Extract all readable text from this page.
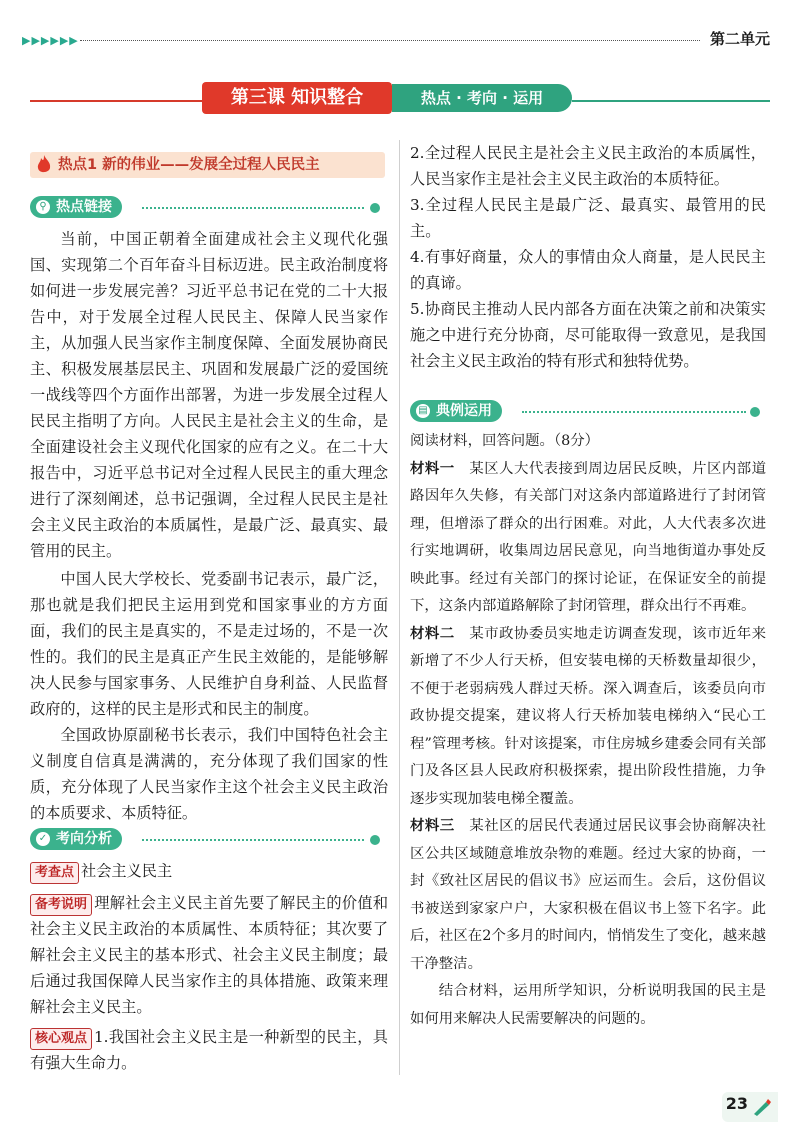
▶▶▶▶▶▶	第二单元
第三课 知识整合	热点 · 考向 · 运用
热点1 新的伟业——发展全过程人民民主
热点链接
⚲
当前，中国正朝着全面建成社会主义现代化强国、实现第二个百年奋斗目标迈进。民主政治制度将如何进一步发展完善？习近平总书记在党的二十大报告中，对于发展全过程人民民主、保障人民当家作主，从加强人民当家作主制度保障、全面发展协商民主、积极发展基层民主、巩固和发展最广泛的爱国统一战线等四个方面作出部署，为进一步发展全过程人民民主指明了方向。人民民主是社会主义的生命，是全面建设社会主义现代化国家的应有之义。在二十大报告中，习近平总书记对全过程人民民主的重大理念进行了深刻阐述，总书记强调，全过程人民民主是社会主义民主政治的本质属性，是最广泛、最真实、最管用的民主。
中国人民大学校长、党委副书记表示，最广泛，那也就是我们把民主运用到党和国家事业的方方面面，我们的民主是真实的，不是走过场的，不是一次性的。我们的民主是真正产生民主效能的，是能够解决人民参与国家事务、人民维护自身利益、人民监督政府的，这样的民主是形式和民主的制度。
全国政协原副秘书长表示，我们中国特色社会主义制度自信真是满满的，充分体现了我们国家的性质，充分体现了人民当家作主这个社会主义民主政治的本质要求、本质特征。
考向分析
✓
考查点 社会主义民主
备考说明 理解社会主义民主首先要了解民主的价值和社会主义民主政治的本质属性、本质特征；其次要了解社会主义民主的基本形式、社会主义民主制度；最后通过我国保障人民当家作主的具体措施、政策来理解社会主义民主。
核心观点 1.我国社会主义民主是一种新型的民主，具有强大生命力。
2.全过程人民民主是社会主义民主政治的本质属性，人民当家作主是社会主义民主政治的本质特征。
3.全过程人民民主是最广泛、最真实、最管用的民主。
4.有事好商量，众人的事情由众人商量，是人民民主的真谛。
5.协商民主推动人民内部各方面在决策之前和决策实施之中进行充分协商，尽可能取得一致意见，是我国社会主义民主政治的特有形式和独特优势。
典例运用
▤
阅读材料，回答问题。（8分）
材料一　 某区人大代表接到周边居民反映，片区内部道路因年久失修，有关部门对这条内部道路进行了封闭管理，但增添了群众的出行困难。对此，人大代表多次进行实地调研，收集周边居民意见，向当地街道办事处反映此事。经过有关部门的探讨论证，在保证安全的前提下，这条内部道路解除了封闭管理，群众出行不再难。
材料二　 某市政协委员实地走访调查发现，该市近年来新增了不少人行天桥，但安装电梯的天桥数量却很少，不便于老弱病残人群过天桥。深入调查后，该委员向市政协提交提案，建议将人行天桥加装电梯纳入“民心工程”管理考核。针对该提案，市住房城乡建委会同有关部门及各区县人民政府积极探索，提出阶段性措施，力争逐步实现加装电梯全覆盖。
材料三　 某社区的居民代表通过居民议事会协商解决社区公共区域随意堆放杂物的难题。经过大家的协商，一封《致社区居民的倡议书》应运而生。会后，这份倡议书被送到家家户户，大家积极在倡议书上签下名字。此后，社区在2个多月的时间内，悄悄发生了变化，越来越干净整洁。
结合材料，运用所学知识，分析说明我国的民主是如何用来解决人民需要解决的问题的。
23
